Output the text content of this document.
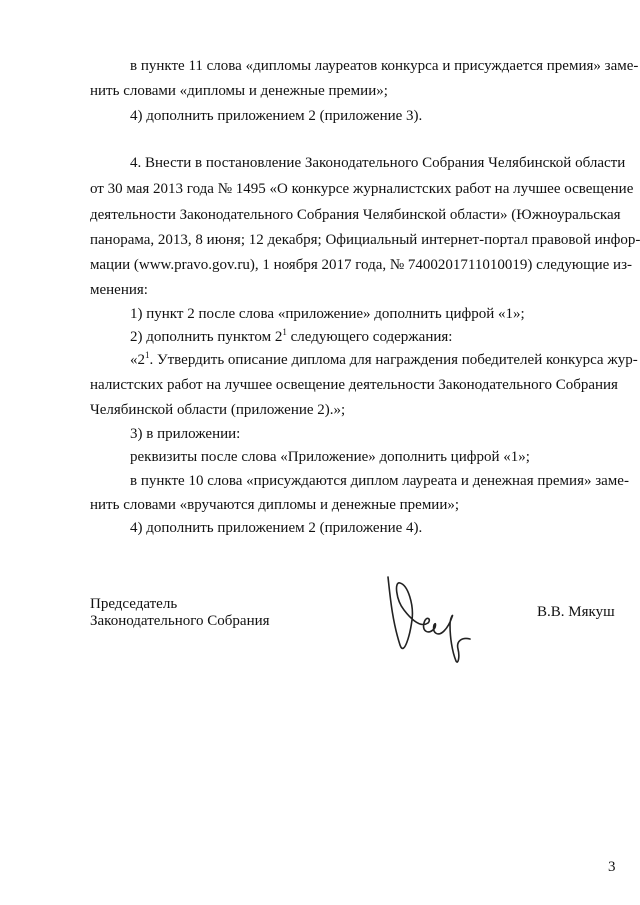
в пункте 11 слова «дипломы лауреатов конкурса и присуждается премия» заме-
нить словами «дипломы и денежные премии»;
4) дополнить приложением 2 (приложение 3).
4. Внести в постановление Законодательного Собрания Челябинской области
от 30 мая 2013 года № 1495 «О конкурсе журналистских работ на лучшее освещение
деятельности Законодательного Собрания Челябинской области» (Южноуральская
панорама, 2013, 8 июня; 12 декабря; Официальный интернет-портал правовой инфор-
мации (www.pravo.gov.ru), 1 ноября 2017 года, № 7400201711010019) следующие из-
менения:
1) пункт 2 после слова «приложение» дополнить цифрой «1»;
2) дополнить пунктом $2^1$ следующего содержания:
«$2^1$. Утвердить описание диплома для награждения победителей конкурса жур-
налистских работ на лучшее освещение деятельности Законодательного Собрания
Челябинской области (приложение 2).»;
3) в приложении:
реквизиты после слова «Приложение» дополнить цифрой «1»;
в пункте 10 слова «присуждаются диплом лауреата и денежная премия» заме-
нить словами «вручаются дипломы и денежные премии»;
4) дополнить приложением 2 (приложение 4).
Председатель
Законодательного Собрания
В.В. Мякуш
3
